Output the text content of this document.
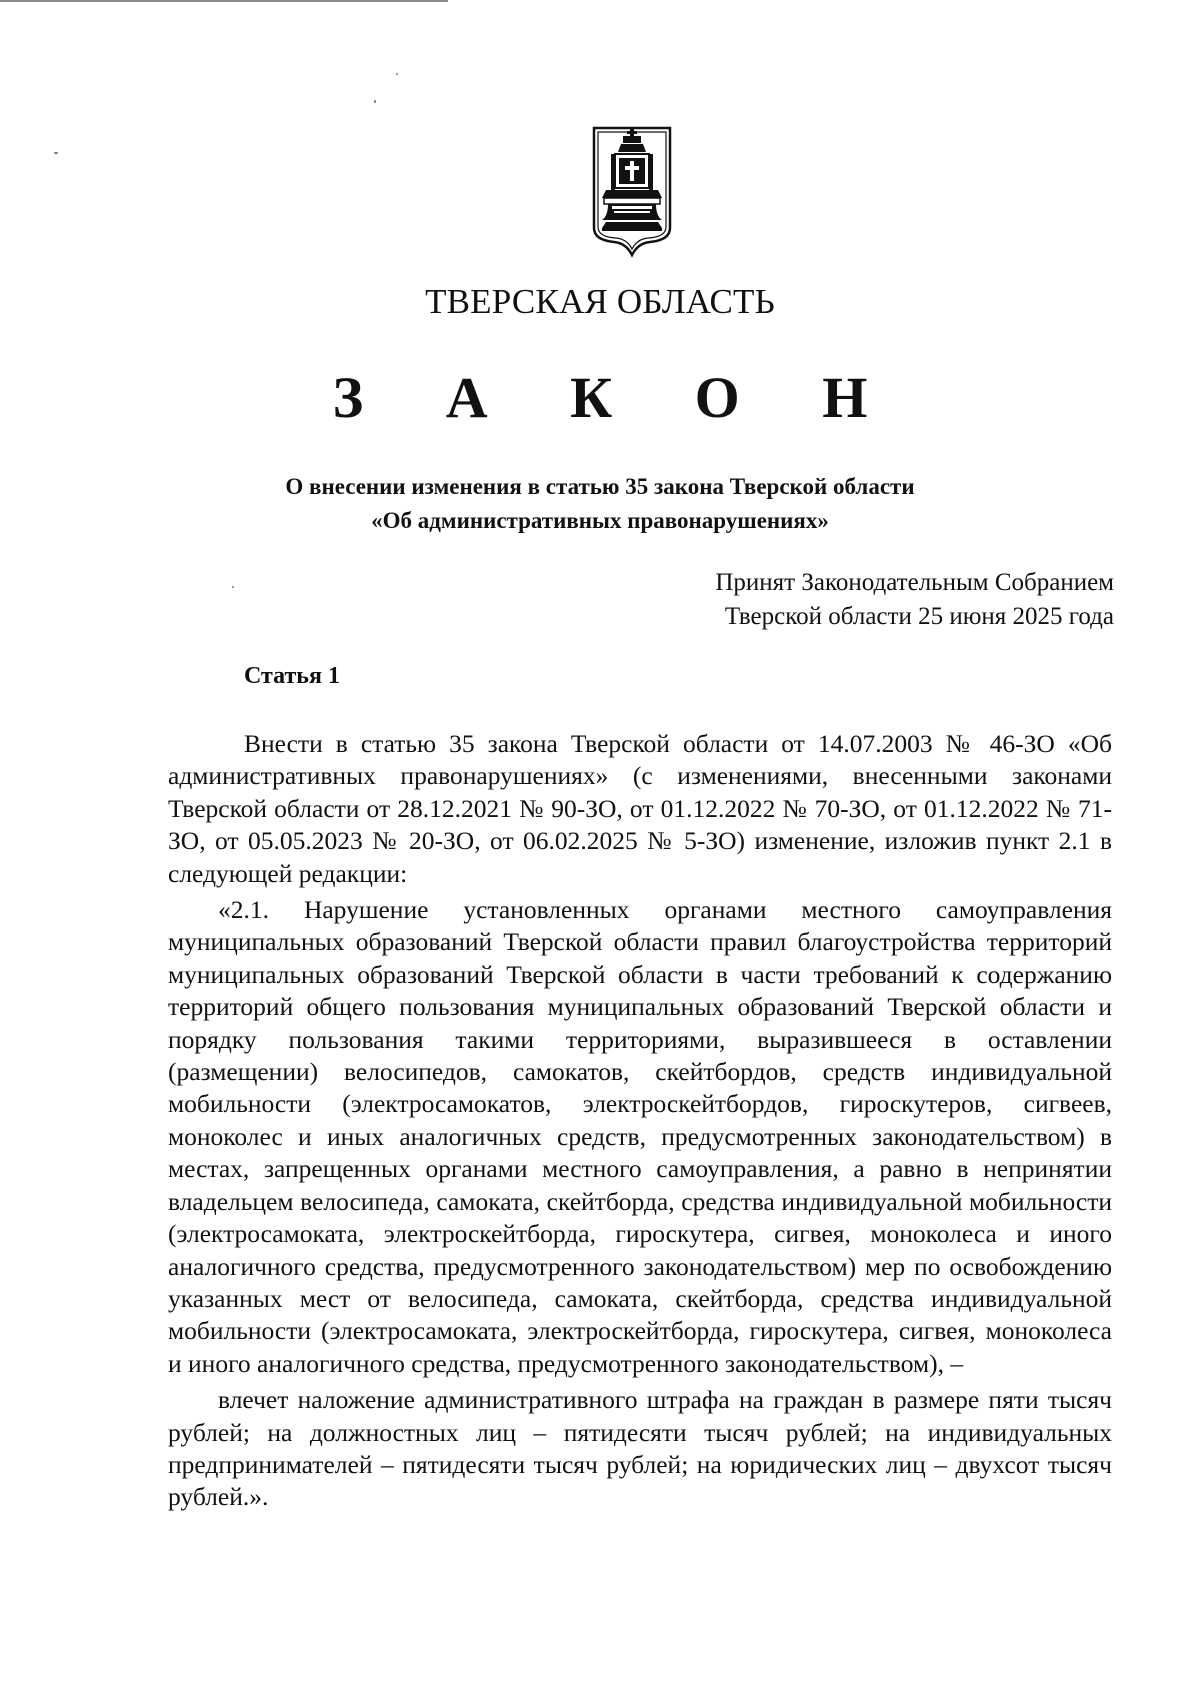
ТВЕРСКАЯ ОБЛАСТЬ
З А К О Н
О внесении изменения в статью 35 закона Тверской области
«Об административных правонарушениях»
Принят Законодательным Собранием
Тверской области 25 июня 2025 года
Статья 1

Внести в статью 35 закона Тверской области от 14.07.2003 № 46-ЗО «Об административных правонарушениях» (с изменениями, внесенными законами Тверской области от 28.12.2021 № 90-ЗО, от 01.12.2022 № 70-ЗО, от 01.12.2022 № 71-ЗО, от 05.05.2023 № 20-ЗО, от 06.02.2025 № 5-ЗО) изменение, изложив пункт 2.1 в следующей редакции:

«2.1. Нарушение установленных органами местного самоуправления муниципальных образований Тверской области правил благоустройства территорий муниципальных образований Тверской области в части требований к содержанию территорий общего пользования муниципальных образований Тверской области и порядку пользования такими территориями, выразившееся в оставлении (размещении) велосипедов, самокатов, скейтбордов, средств индивидуальной мобильности (электросамокатов, электроскейтбордов, гироскутеров, сигвеев, моноколес и иных аналогичных средств, предусмотренных законодательством) в местах, запрещенных органами местного самоуправления, а равно в непринятии владельцем велосипеда, самоката, скейтборда, средства индивидуальной мобильности (электросамоката, электроскейтборда, гироскутера, сигвея, моноколеса и иного аналогичного средства, предусмотренного законодательством) мер по освобождению указанных мест от велосипеда, самоката, скейтборда, средства индивидуальной мобильности (электросамоката, электроскейтборда, гироскутера, сигвея, моноколеса и иного аналогичного средства, предусмотренного законодательством), –

влечет наложение административного штрафа на граждан в размере пяти тысяч рублей; на должностных лиц – пятидесяти тысяч рублей; на индивидуальных предпринимателей – пятидесяти тысяч рублей; на юридических лиц – двухсот тысяч рублей.».
